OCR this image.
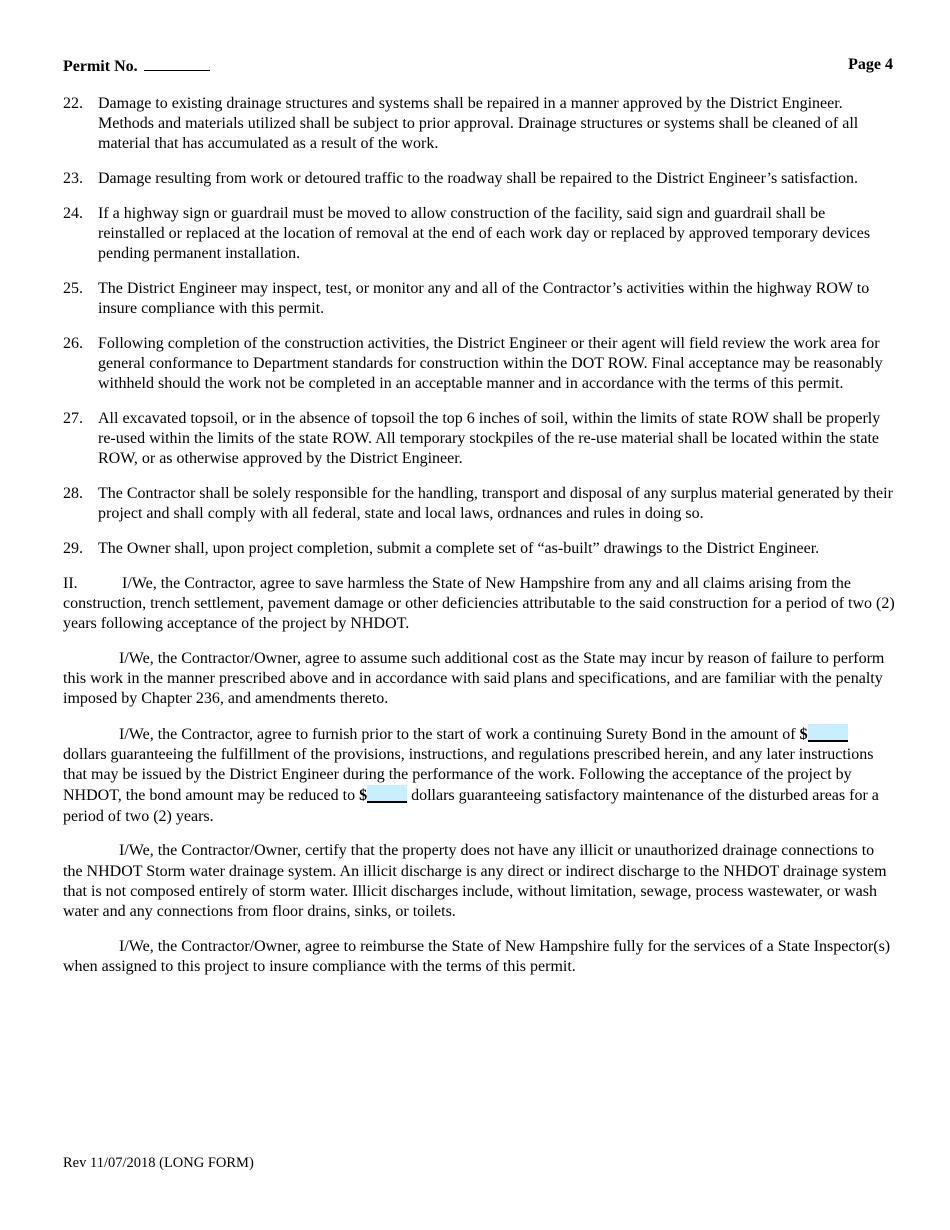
Permit No.	Page 4
22. Damage to existing drainage structures and systems shall be repaired in a manner approved by the District Engineer. Methods and materials utilized shall be subject to prior approval. Drainage structures or systems shall be cleaned of all material that has accumulated as a result of the work.
23. Damage resulting from work or detoured traffic to the roadway shall be repaired to the District Engineer’s satisfaction.
24. If a highway sign or guardrail must be moved to allow construction of the facility, said sign and guardrail shall be reinstalled or replaced at the location of removal at the end of each work day or replaced by approved temporary devices pending permanent installation.
25. The District Engineer may inspect, test, or monitor any and all of the Contractor’s activities within the highway ROW to insure compliance with this permit.
26. Following completion of the construction activities, the District Engineer or their agent will field review the work area for general conformance to Department standards for construction within the DOT ROW. Final acceptance may be reasonably withheld should the work not be completed in an acceptable manner and in accordance with the terms of this permit.
27. All excavated topsoil, or in the absence of topsoil the top 6 inches of soil, within the limits of state ROW shall be properly re-used within the limits of the state ROW. All temporary stockpiles of the re-use material shall be located within the state ROW, or as otherwise approved by the District Engineer.
28. The Contractor shall be solely responsible for the handling, transport and disposal of any surplus material generated by their project and shall comply with all federal, state and local laws, ordnances and rules in doing so.
29. The Owner shall, upon project completion, submit a complete set of “as-built” drawings to the District Engineer.
II.	I/We, the Contractor, agree to save harmless the State of New Hampshire from any and all claims arising from the construction, trench settlement, pavement damage or other deficiencies attributable to the said construction for a period of two (2) years following acceptance of the project by NHDOT.
I/We, the Contractor/Owner, agree to assume such additional cost as the State may incur by reason of failure to perform this work in the manner prescribed above and in accordance with said plans and specifications, and are familiar with the penalty imposed by Chapter 236, and amendments thereto.
I/We, the Contractor, agree to furnish prior to the start of work a continuing Surety Bond in the amount of $ dollars guaranteeing the fulfillment of the provisions, instructions, and regulations prescribed herein, and any later instructions that may be issued by the District Engineer during the performance of the work. Following the acceptance of the project by NHDOT, the bond amount may be reduced to $	dollars guaranteeing satisfactory maintenance of the disturbed areas for a period of two (2) years.
I/We, the Contractor/Owner, certify that the property does not have any illicit or unauthorized drainage connections to the NHDOT Storm water drainage system. An illicit discharge is any direct or indirect discharge to the NHDOT drainage system that is not composed entirely of storm water. Illicit discharges include, without limitation, sewage, process wastewater, or wash water and any connections from floor drains, sinks, or toilets.
I/We, the Contractor/Owner, agree to reimburse the State of New Hampshire fully for the services of a State Inspector(s) when assigned to this project to insure compliance with the terms of this permit.
Rev 11/07/2018 (LONG FORM)
